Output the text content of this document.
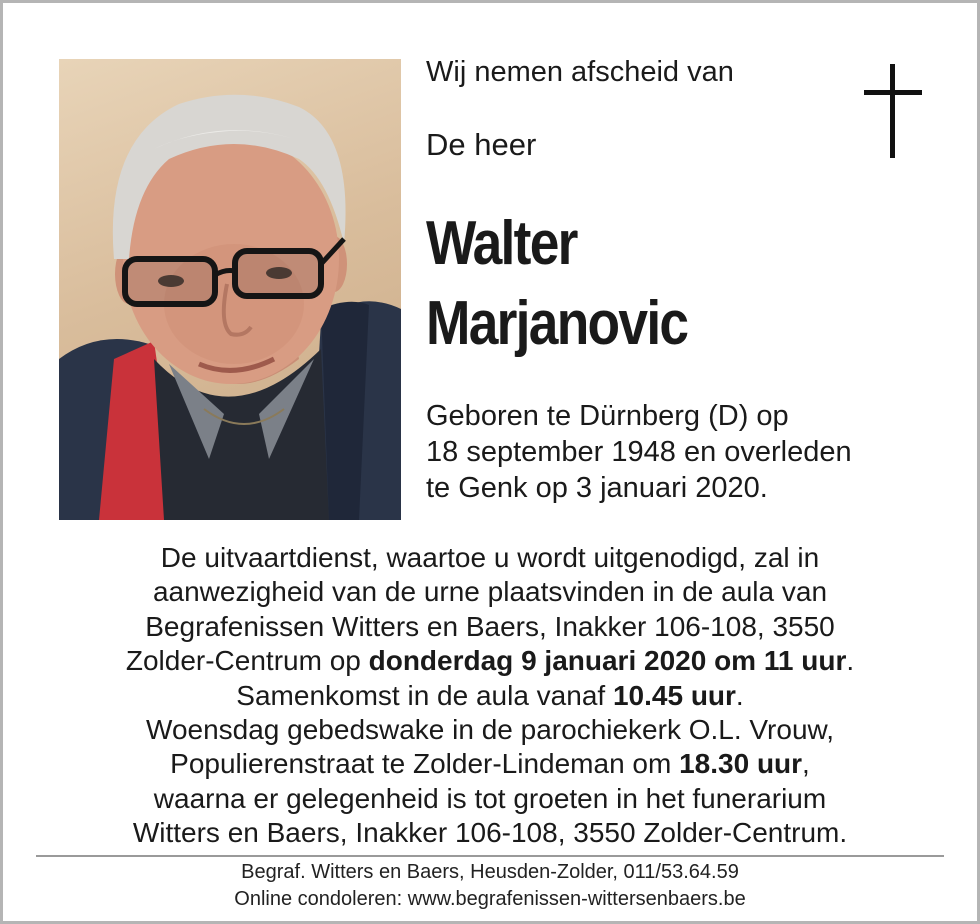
Wij nemen afscheid van
De heer
Walter
Marjanovic
Geboren te Dürnberg (D) op
18 september 1948 en overleden
te Genk op 3 januari 2020.
De uitvaartdienst, waartoe u wordt uitgenodigd, zal in
aanwezigheid van de urne plaatsvinden in de aula van
Begrafenissen Witters en Baers, Inakker 106-108, 3550
Zolder-Centrum op donderdag 9 januari 2020 om 11 uur.
Samenkomst in de aula vanaf 10.45 uur.
Woensdag gebedswake in de parochiekerk O.L. Vrouw,
Populierenstraat te Zolder-Lindeman om 18.30 uur,
waarna er gelegenheid is tot groeten in het funerarium
Witters en Baers, Inakker 106-108, 3550 Zolder-Centrum.
Begraf. Witters en Baers, Heusden-Zolder, 011/53.64.59
Online condoleren: www.begrafenissen-wittersenbaers.be
